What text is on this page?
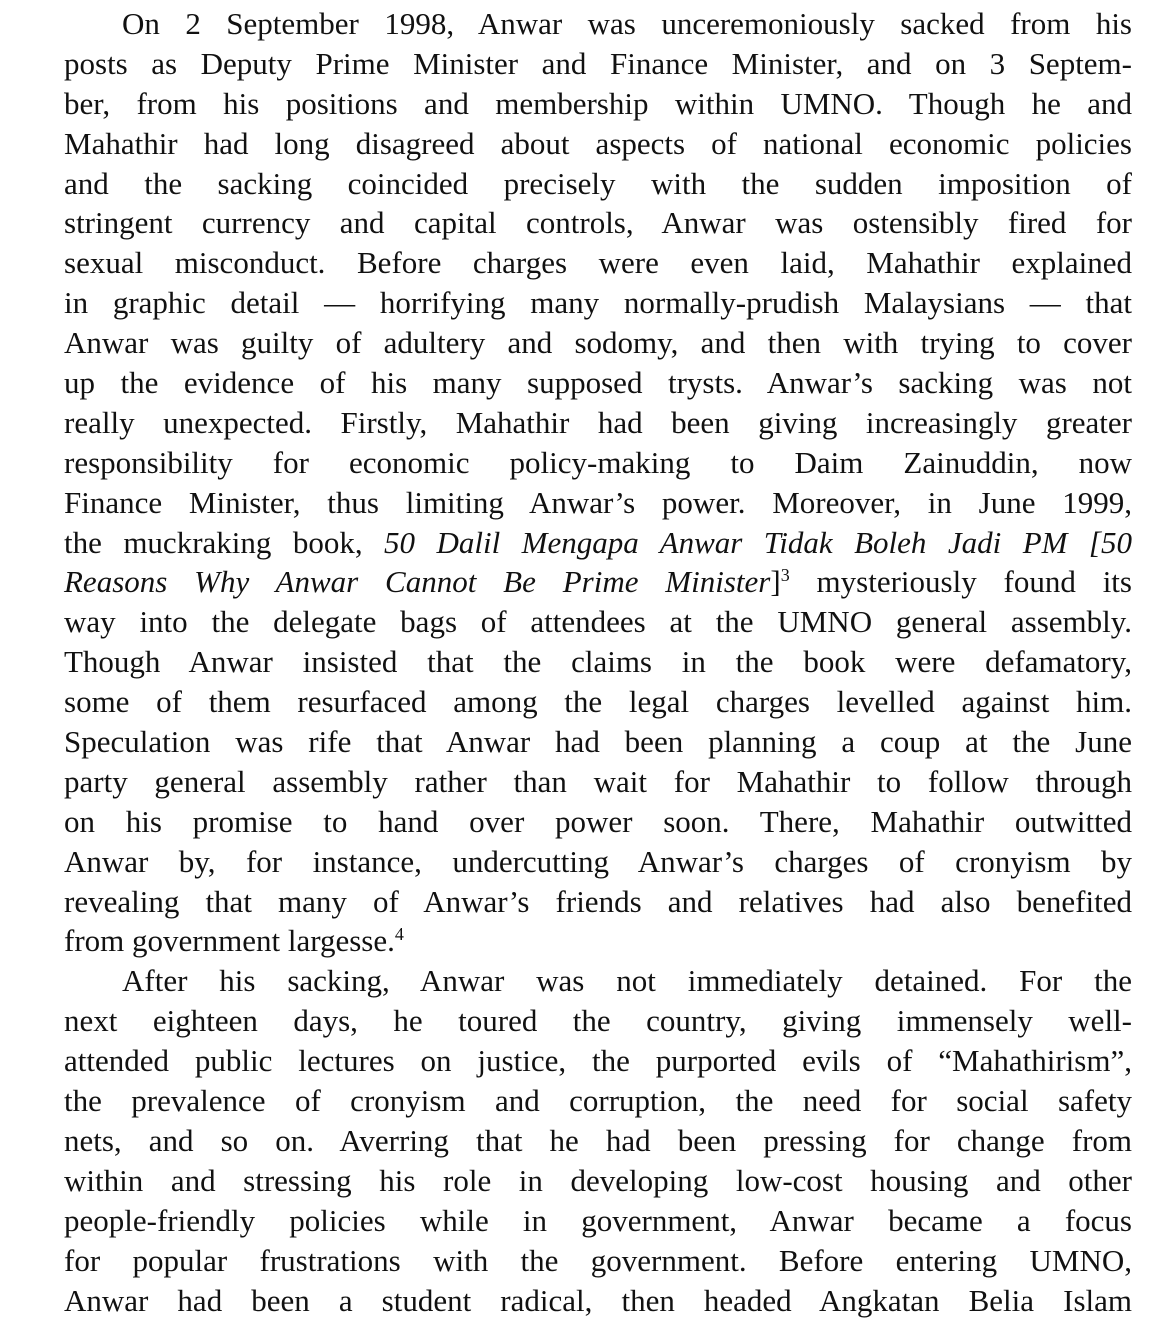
On 2 September 1998, Anwar was unceremoniously sacked from his
posts as Deputy Prime Minister and Finance Minister, and on 3 Septem-
ber, from his positions and membership within UMNO. Though he and
Mahathir had long disagreed about aspects of national economic policies
and the sacking coincided precisely with the sudden imposition of
stringent currency and capital controls, Anwar was ostensibly fired for
sexual misconduct. Before charges were even laid, Mahathir explained
in graphic detail — horrifying many normally-prudish Malaysians — that
Anwar was guilty of adultery and sodomy, and then with trying to cover
up the evidence of his many supposed trysts. Anwar’s sacking was not
really unexpected. Firstly, Mahathir had been giving increasingly greater
responsibility for economic policy-making to Daim Zainuddin, now
Finance Minister, thus limiting Anwar’s power. Moreover, in June 1999,
the muckraking book, 50 Dalil Mengapa Anwar Tidak Boleh Jadi PM [50
Reasons Why Anwar Cannot Be Prime Minister]$^3$ mysteriously found its
way into the delegate bags of attendees at the UMNO general assembly.
Though Anwar insisted that the claims in the book were defamatory,
some of them resurfaced among the legal charges levelled against him.
Speculation was rife that Anwar had been planning a coup at the June
party general assembly rather than wait for Mahathir to follow through
on his promise to hand over power soon. There, Mahathir outwitted
Anwar by, for instance, undercutting Anwar’s charges of cronyism by
revealing that many of Anwar’s friends and relatives had also benefited
from government largesse.$^4$
After his sacking, Anwar was not immediately detained. For the
next eighteen days, he toured the country, giving immensely well-
attended public lectures on justice, the purported evils of “Mahathirism”,
the prevalence of cronyism and corruption, the need for social safety
nets, and so on. Averring that he had been pressing for change from
within and stressing his role in developing low-cost housing and other
people-friendly policies while in government, Anwar became a focus
for popular frustrations with the government. Before entering UMNO,
Anwar had been a student radical, then headed Angkatan Belia Islam
